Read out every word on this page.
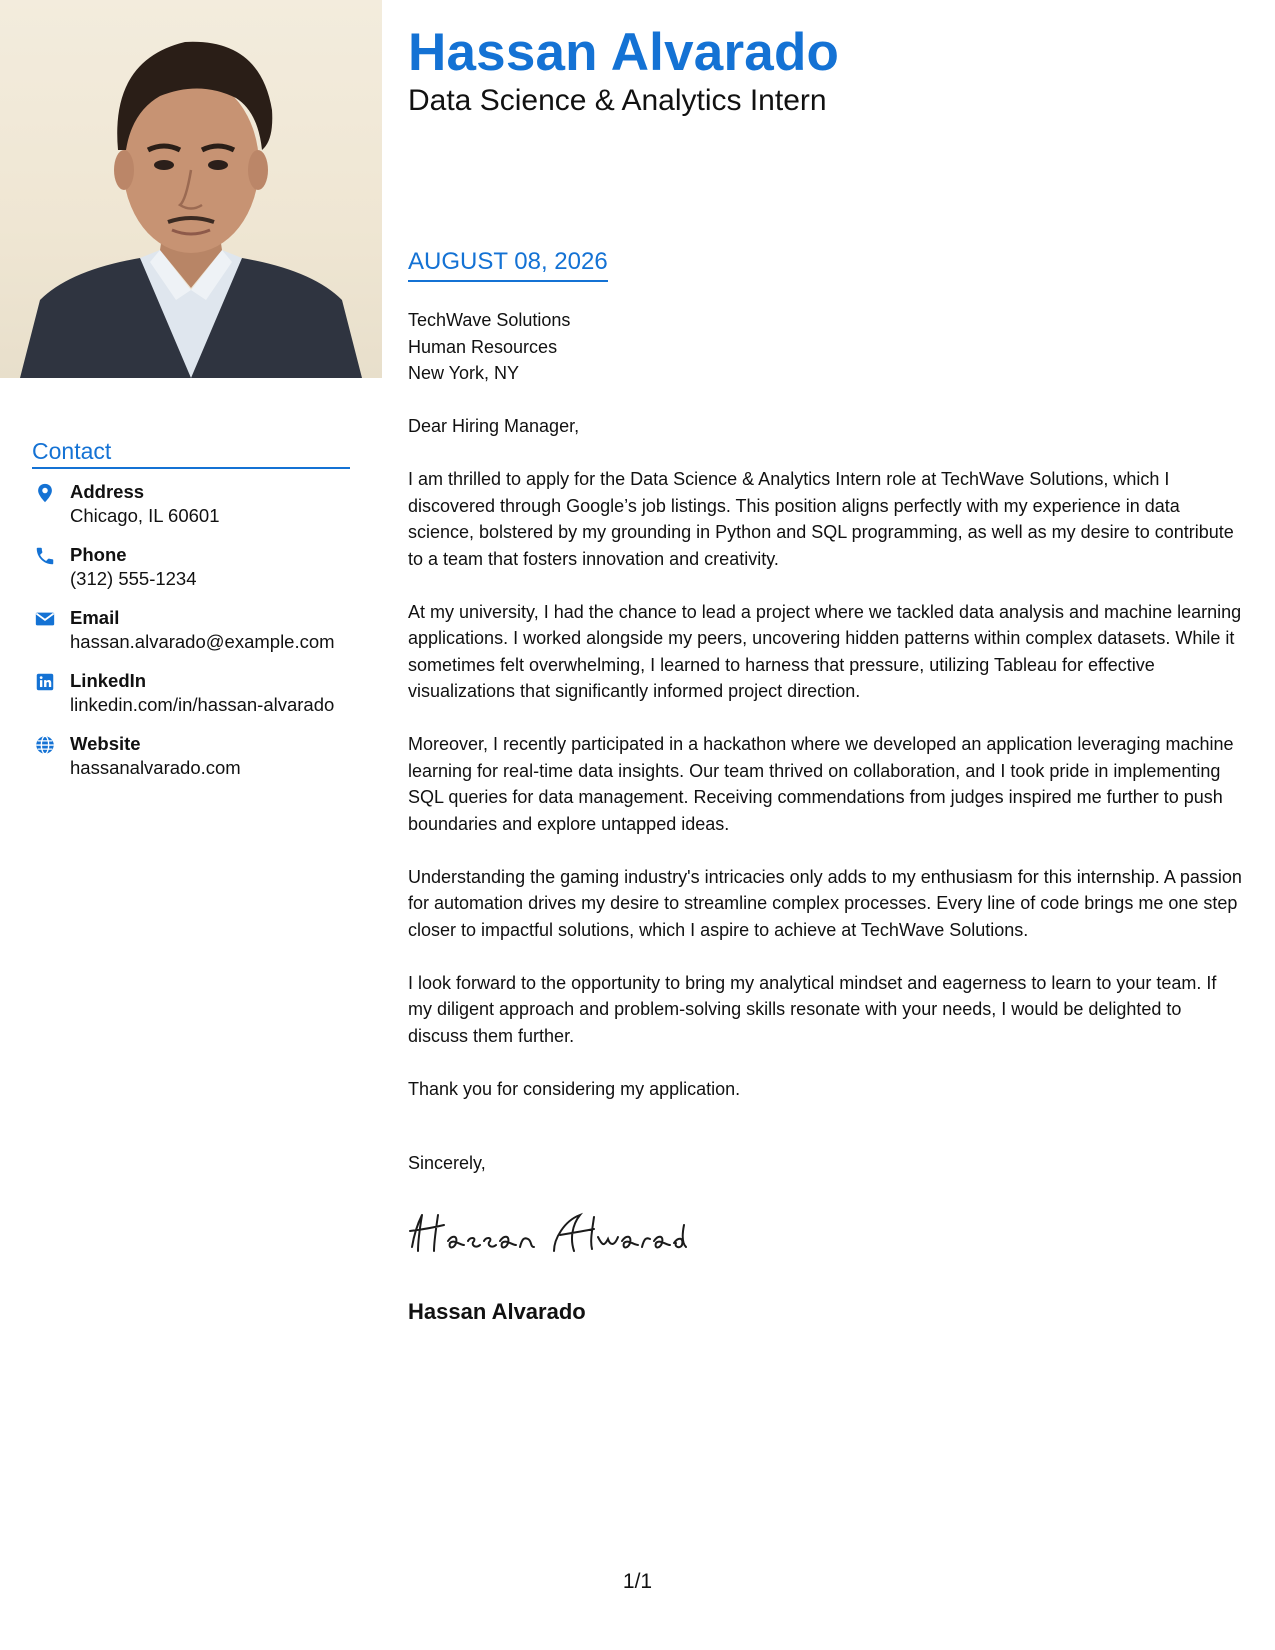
Hassan Alvarado
Data Science & Analytics Intern
Contact
Address
Chicago, IL 60601
Phone
(312) 555-1234
Email
hassan.alvarado@example.com
LinkedIn
linkedin.com/in/hassan-alvarado
Website
hassanalvarado.com
AUGUST 08, 2026
TechWave Solutions
Human Resources
New York, NY

Dear Hiring Manager,

I am thrilled to apply for the Data Science & Analytics Intern role at TechWave Solutions, which I discovered through Google’s job listings. This position aligns perfectly with my experience in data science, bolstered by my grounding in Python and SQL programming, as well as my desire to contribute to a team that fosters innovation and creativity.

At my university, I had the chance to lead a project where we tackled data analysis and machine learning applications. I worked alongside my peers, uncovering hidden patterns within complex datasets. While it sometimes felt overwhelming, I learned to harness that pressure, utilizing Tableau for effective visualizations that significantly informed project direction.

Moreover, I recently participated in a hackathon where we developed an application leveraging machine learning for real-time data insights. Our team thrived on collaboration, and I took pride in implementing SQL queries for data management. Receiving commendations from judges inspired me further to push boundaries and explore untapped ideas.

Understanding the gaming industry's intricacies only adds to my enthusiasm for this internship. A passion for automation drives my desire to streamline complex processes. Every line of code brings me one step closer to impactful solutions, which I aspire to achieve at TechWave Solutions.

I look forward to the opportunity to bring my analytical mindset and eagerness to learn to your team. If my diligent approach and problem-solving skills resonate with your needs, I would be delighted to discuss them further.

Thank you for considering my application.

Sincerely,
Hassan Alvarado
1/1
